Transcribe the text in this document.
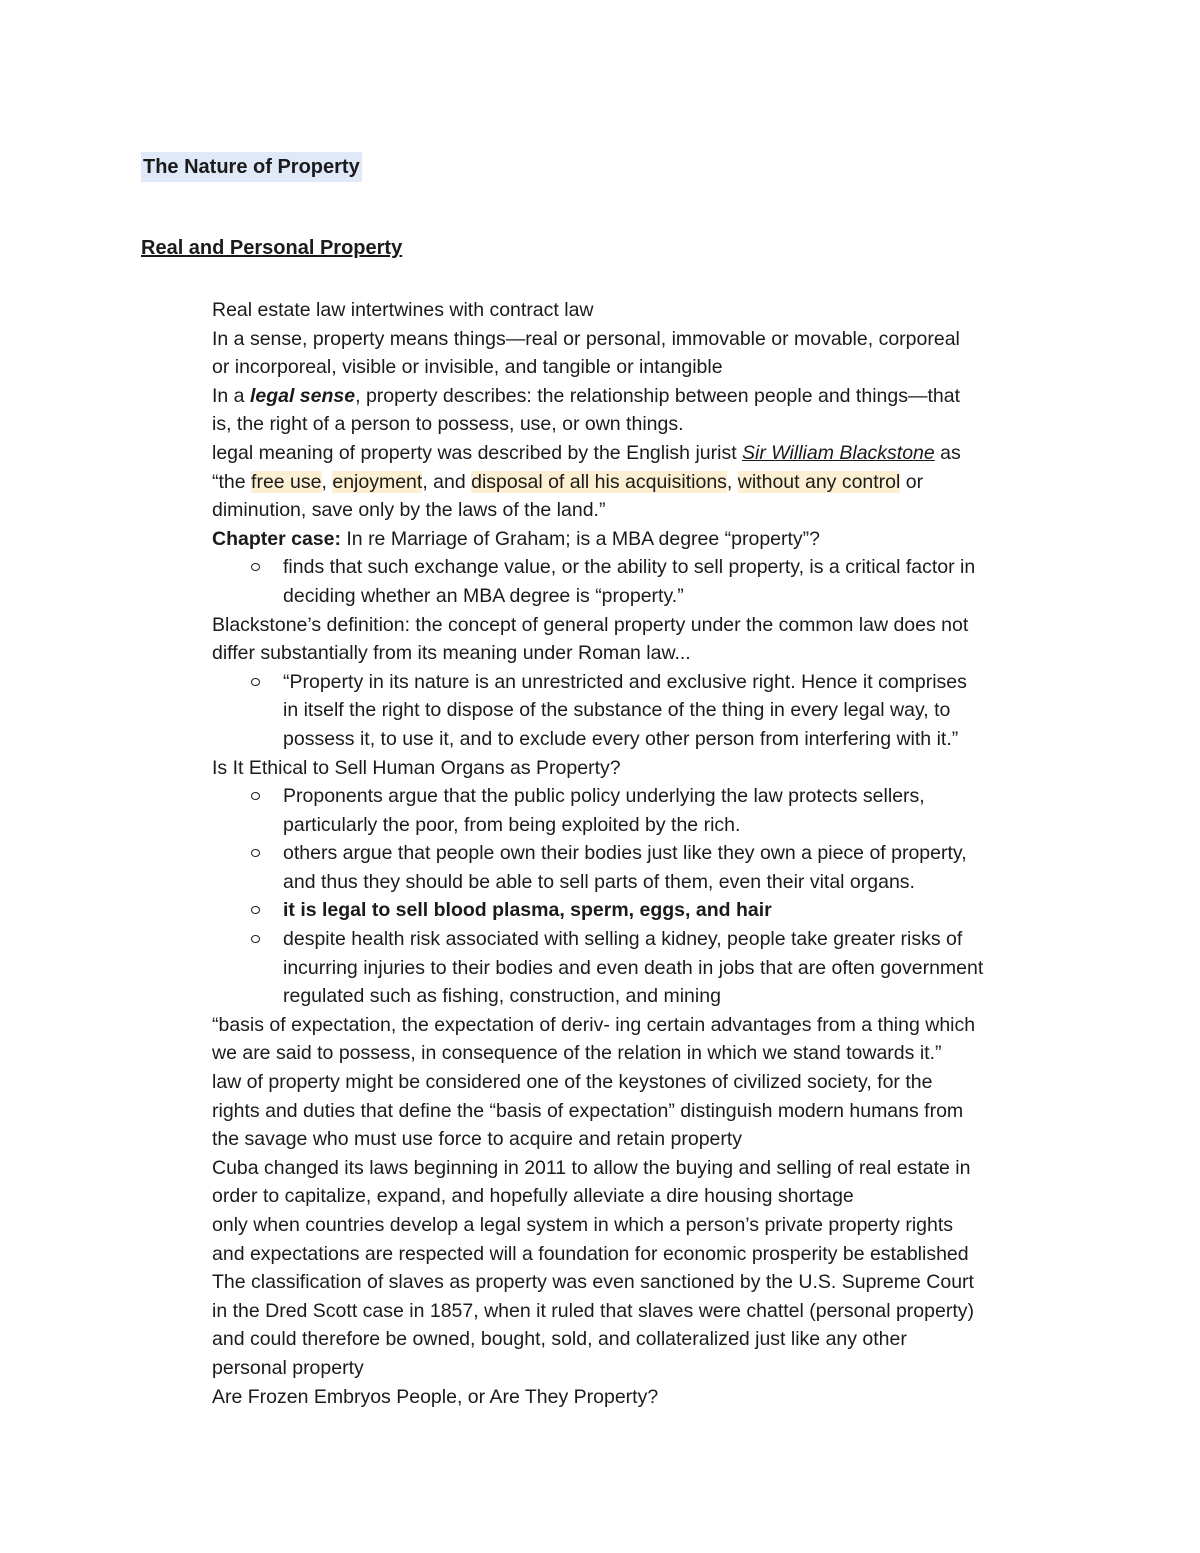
The Nature of Property
Real and Personal Property
Real estate law intertwines with contract law
In a sense, property means things—real or personal, immovable or movable, corporeal
or incorporeal, visible or invisible, and tangible or intangible
In a legal sense, property describes: the relationship between people and things—that
is, the right of a person to possess, use, or own things.
legal meaning of property was described by the English jurist Sir William Blackstone as
“the free use, enjoyment, and disposal of all his acquisitions, without any control or
diminution, save only by the laws of the land.”
Chapter case: In re Marriage of Graham; is a MBA degree “property”?
finds that such exchange value, or the ability to sell property, is a critical factor in
deciding whether an MBA degree is “property.”
Blackstone’s definition: the concept of general property under the common law does not
differ substantially from its meaning under Roman law...
“Property in its nature is an unrestricted and exclusive right. Hence it comprises
in itself the right to dispose of the substance of the thing in every legal way, to
possess it, to use it, and to exclude every other person from interfering with it.”
Is It Ethical to Sell Human Organs as Property?
Proponents argue that the public policy underlying the law protects sellers,
particularly the poor, from being exploited by the rich.
others argue that people own their bodies just like they own a piece of property,
and thus they should be able to sell parts of them, even their vital organs.
it is legal to sell blood plasma, sperm, eggs, and hair
despite health risk associated with selling a kidney, people take greater risks of
incurring injuries to their bodies and even death in jobs that are often government
regulated such as fishing, construction, and mining
“basis of expectation, the expectation of deriv- ing certain advantages from a thing which
we are said to possess, in consequence of the relation in which we stand towards it.”
law of property might be considered one of the keystones of civilized society, for the
rights and duties that define the “basis of expectation” distinguish modern humans from
the savage who must use force to acquire and retain property
Cuba changed its laws beginning in 2011 to allow the buying and selling of real estate in
order to capitalize, expand, and hopefully alleviate a dire housing shortage
only when countries develop a legal system in which a person’s private property rights
and expectations are respected will a foundation for economic prosperity be established
The classification of slaves as property was even sanctioned by the U.S. Supreme Court
in the Dred Scott case in 1857, when it ruled that slaves were chattel (personal property)
and could therefore be owned, bought, sold, and collateralized just like any other
personal property
Are Frozen Embryos People, or Are They Property?
